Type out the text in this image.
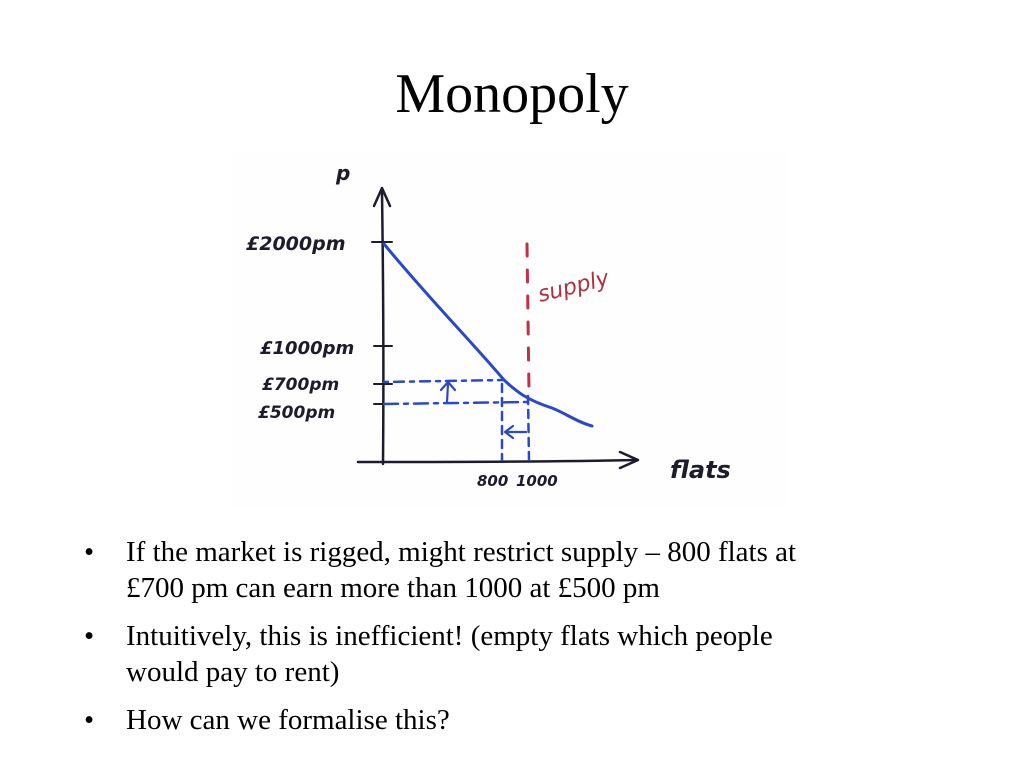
Monopoly
p
flats
£2000pm
£1000pm
£700pm
£500pm
supply
800 1000
• If the market is rigged, might restrict supply – 800 flats at
£700 pm can earn more than 1000 at £500 pm
• Intuitively, this is inefficient! (empty flats which people
would pay to rent)
• How can we formalise this?
